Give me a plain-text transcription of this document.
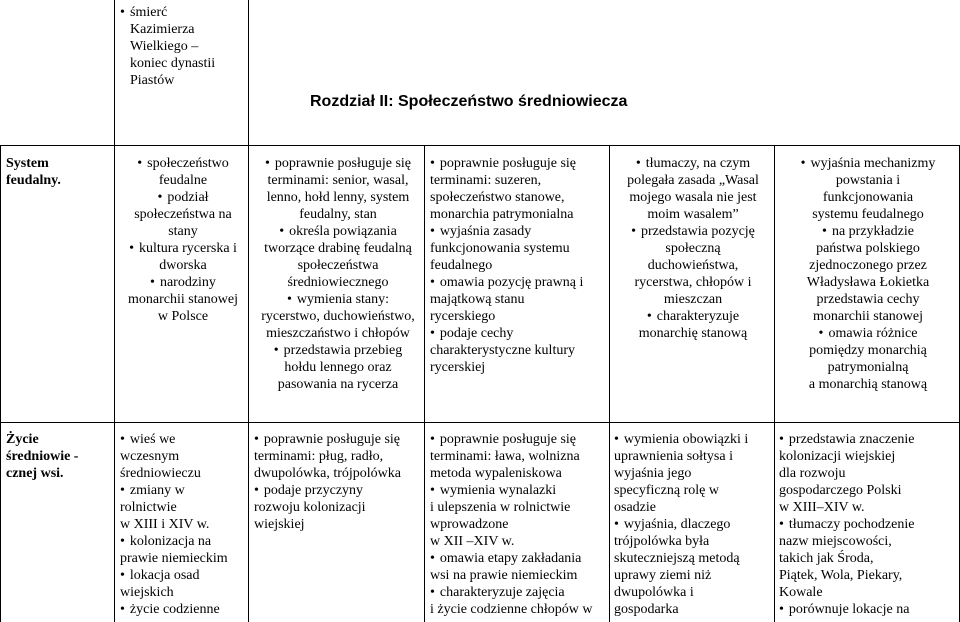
• śmierć
Kazimierza
Wielkiego –
koniec dynastii
Piastów
Rozdział II: Społeczeństwo średniowiecza

System

feudalny.

• społeczeństwo

feudalne

• podział

społeczeństwa na

stany

• kultura rycerska i

dworska

• narodziny

monarchii stanowej

w Polsce

• poprawnie posługuje się

terminami: senior, wasal,

lenno, hołd lenny, system

feudalny, stan

• określa powiązania

tworzące drabinę feudalną

społeczeństwa

średniowiecznego

• wymienia stany:

rycerstwo, duchowieństwo,

mieszczaństwo i chłopów

• przedstawia przebieg

hołdu lennego oraz

pasowania na rycerza

• poprawnie posługuje się

terminami: suzeren,

społeczeństwo stanowe,

monarchia patrymonialna

• wyjaśnia zasady

funkcjonowania systemu

feudalnego

• omawia pozycję prawną i

majątkową stanu

rycerskiego

• podaje cechy

charakterystyczne kultury

rycerskiej

• tłumaczy, na czym

polegała zasada „Wasal

mojego wasala nie jest

moim wasalem”

• przedstawia pozycję

społeczną

duchowieństwa,

rycerstwa, chłopów i

mieszczan

• charakteryzuje

monarchię stanową

• wyjaśnia mechanizmy

powstania i

funkcjonowania

systemu feudalnego

• na przykładzie

państwa polskiego

zjednoczonego przez

Władysława Łokietka

przedstawia cechy

monarchii stanowej

• omawia różnice

pomiędzy monarchią

patrymonialną

a monarchią stanową

Życie

średniowie -

cznej wsi.

• wieś we

wczesnym

średniowieczu

• zmiany w

rolnictwie

w XIII i XIV w.

• kolonizacja na

prawie niemieckim

• lokacja osad

wiejskich

• życie codzienne

• poprawnie posługuje się

terminami: pług, radło,

dwupolówka, trójpolówka

• podaje przyczyny

rozwoju kolonizacji

wiejskiej

• poprawnie posługuje się

terminami: ława, wolnizna

metoda wypaleniskowa

• wymienia wynalazki

i ulepszenia w rolnictwie

wprowadzone

w XII –XIV w.

• omawia etapy zakładania

wsi na prawie niemieckim

• charakteryzuje zajęcia

i życie codzienne chłopów w

• wymienia obowiązki i

uprawnienia sołtysa i

wyjaśnia jego

specyficzną rolę w

osadzie

• wyjaśnia, dlaczego

trójpolówka była

skuteczniejszą metodą

uprawy ziemi niż

dwupolówka i

gospodarka

• przedstawia znaczenie

kolonizacji wiejskiej

dla rozwoju

gospodarczego Polski

w XIII–XIV w.

• tłumaczy pochodzenie

nazw miejscowości,

takich jak Środa,

Piątek, Wola, Piekary,

Kowale

• porównuje lokacje na
